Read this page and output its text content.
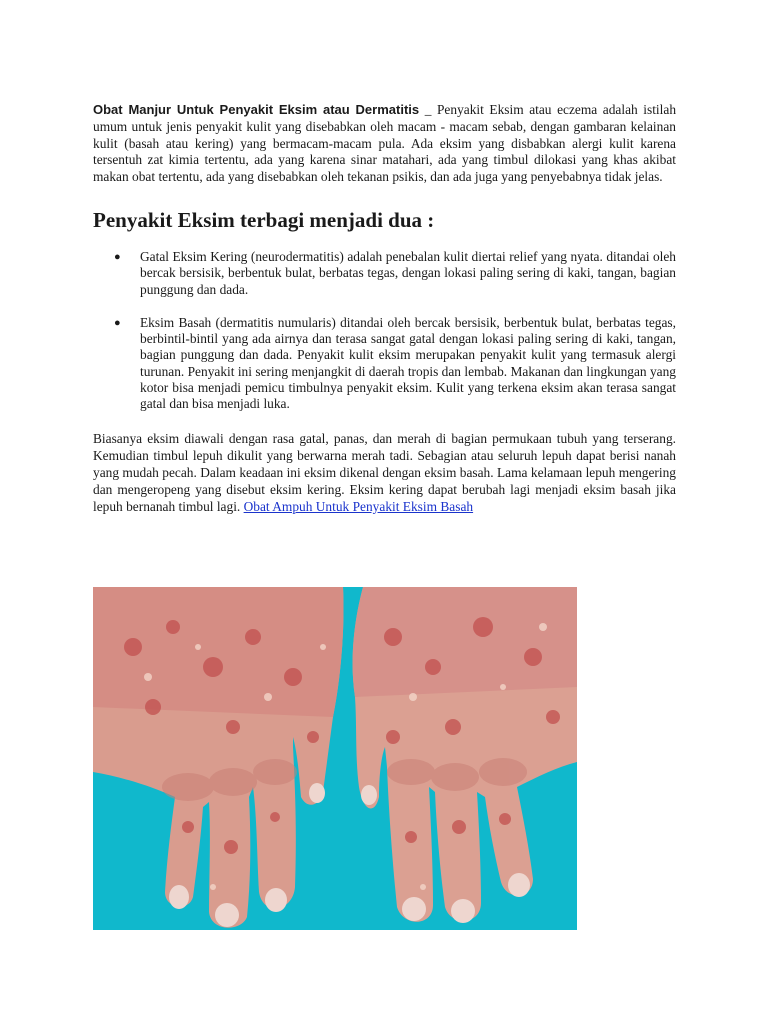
Obat Manjur Untuk Penyakit Eksim atau Dermatitis _ Penyakit Eksim atau eczema adalah istilah umum untuk jenis penyakit kulit yang disebabkan oleh macam - macam sebab, dengan gambaran kelainan kulit (basah atau kering) yang bermacam-macam pula. Ada eksim yang disbabkan alergi kulit karena tersentuh zat kimia tertentu, ada yang karena sinar matahari, ada yang timbul dilokasi yang khas akibat makan obat tertentu, ada yang disebabkan oleh tekanan psikis, dan ada juga yang penyebabnya tidak jelas.

Penyakit Eksim terbagi menjadi dua :
● Gatal Eksim Kering (neurodermatitis) adalah penebalan kulit diertai relief yang nyata. ditandai oleh bercak bersisik, berbentuk bulat, berbatas tegas, dengan lokasi paling sering di kaki, tangan, bagian punggung dan dada.
● Eksim Basah (dermatitis numularis) ditandai oleh bercak bersisik, berbentuk bulat, berbatas tegas, berbintil-bintil yang ada airnya dan terasa sangat gatal dengan lokasi paling sering di kaki, tangan, bagian punggung dan dada. Penyakit kulit eksim merupakan penyakit kulit yang termasuk alergi turunan. Penyakit ini sering menjangkit di daerah tropis dan lembab. Makanan dan lingkungan yang kotor bisa menjadi pemicu timbulnya penyakit eksim. Kulit yang terkena eksim akan terasa sangat gatal dan bisa menjadi luka.

Biasanya eksim diawali dengan rasa gatal, panas, dan merah di bagian permukaan tubuh yang terserang. Kemudian timbul lepuh dikulit yang berwarna merah tadi. Sebagian atau seluruh lepuh dapat berisi nanah yang mudah pecah. Dalam keadaan ini eksim dikenal dengan eksim basah. Lama kelamaan lepuh mengering dan mengeropeng yang disebut eksim kering. Eksim kering dapat berubah lagi menjadi eksim basah jika lepuh bernanah timbul lagi. Obat Ampuh Untuk Penyakit Eksim Basah
